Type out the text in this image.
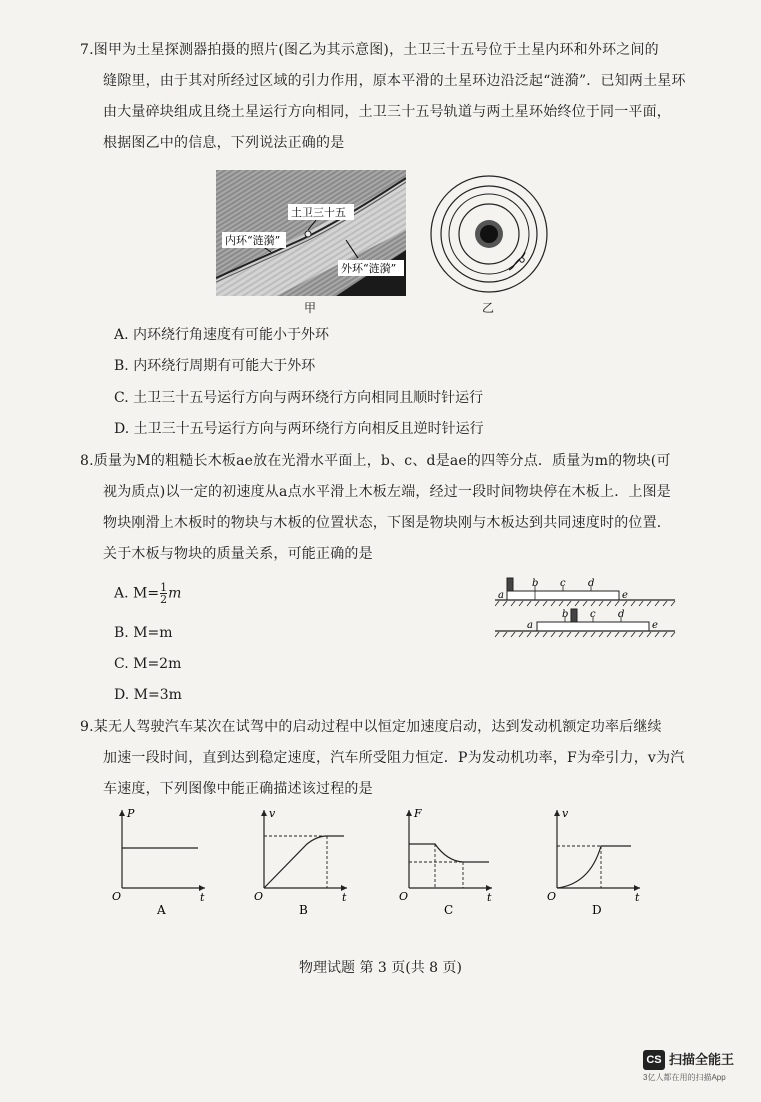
7.图甲为土星探测器拍摄的照片(图乙为其示意图)，土卫三十五号位于土星内环和外环之间的
缝隙里，由于其对所经过区域的引力作用，原本平滑的土星环边沿泛起“涟漪”．已知两土星环
由大量碎块组成且绕土星运行方向相同，土卫三十五号轨道与两土星环始终位于同一平面，
根据图乙中的信息，下列说法正确的是
土卫三十五
内环“涟漪”
外环“涟漪”
甲	乙
A. 内环绕行角速度有可能小于外环
B. 内环绕行周期有可能大于外环
C. 土卫三十五号运行方向与两环绕行方向相同且顺时针运行
D. 土卫三十五号运行方向与两环绕行方向相反且逆时针运行
8.质量为M的粗糙长木板ae放在光滑水平面上，b、c、d是ae的四等分点．质量为m的物块(可
视为质点)以一定的初速度从a点水平滑上木板左端，经过一段时间物块停在木板上．上图是
物块刚滑上木板时的物块与木板的位置状态，下图是物块刚与木板达到共同速度时的位置．
关于木板与物块的质量关系，可能正确的是
A. $M= \frac{1}{2}$ m
B. M=m
C. M=2m
D. M=3m
a
b c d
e
a
b c d
e
9.某无人驾驶汽车某次在试驾中的启动过程中以恒定加速度启动，达到发动机额定功率后继续
加速一段时间，直到达到稳定速度，汽车所受阻力恒定．P为发动机功率，F为牵引力，v为汽
车速度，下列图像中能正确描述该过程的是
P
t
O
A
v
t
O
B
F
t
O
C
v
t
O
D
物理试题 第 3 页(共 8 页)
CS 扫描全能王
3亿人都在用的扫描App
